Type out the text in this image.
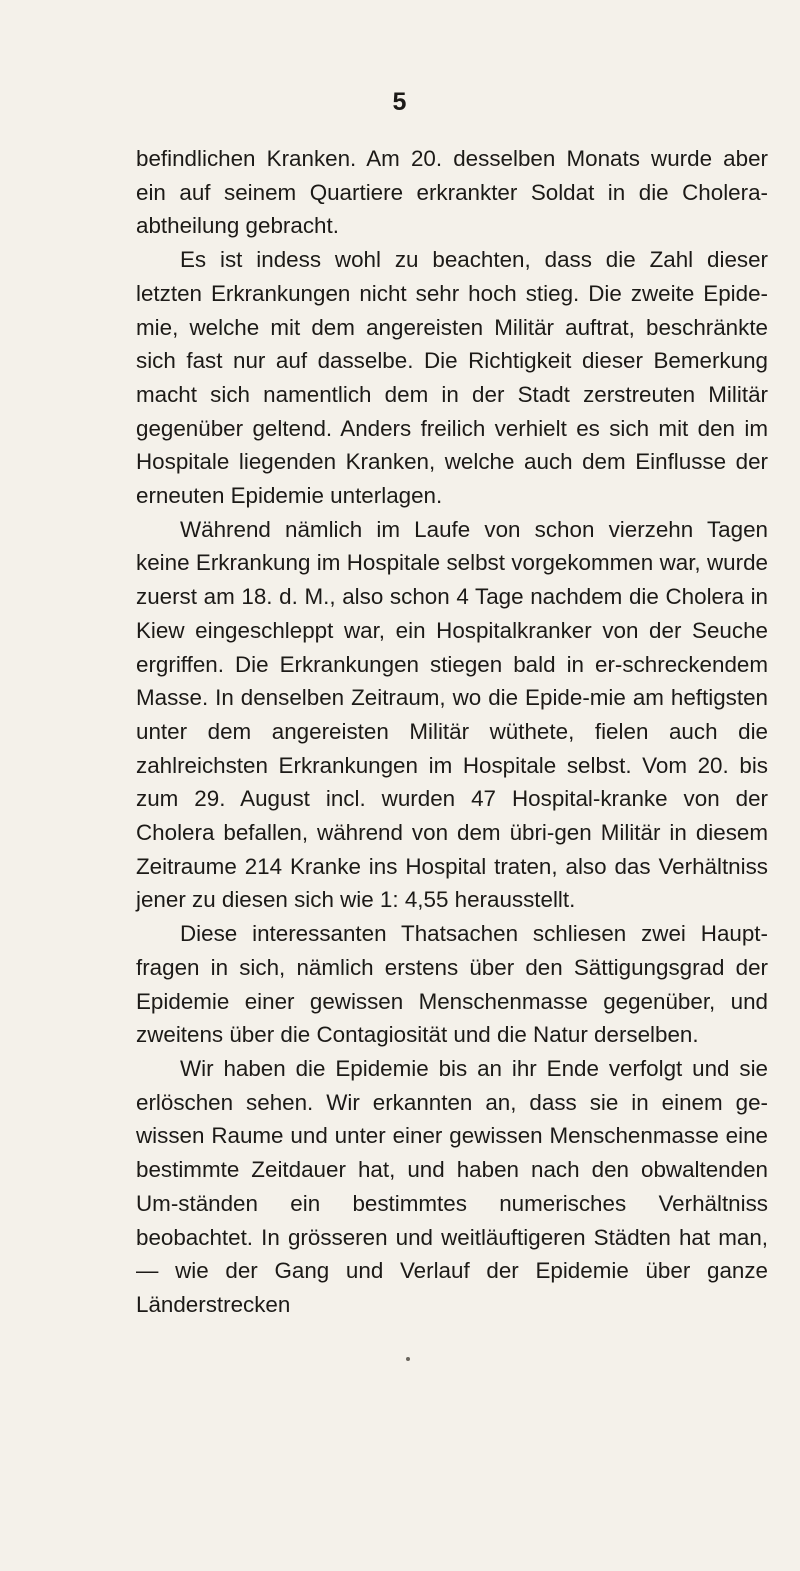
5

befindlichen Kranken. Am 20. desselben Monats wurde aber ein auf seinem Quartiere erkrankter Soldat in die Cholera-abtheilung gebracht.

Es ist indess wohl zu beachten, dass die Zahl dieser letzten Erkrankungen nicht sehr hoch stieg. Die zweite Epide-mie, welche mit dem angereisten Militär auftrat, beschränkte sich fast nur auf dasselbe. Die Richtigkeit dieser Bemerkung macht sich namentlich dem in der Stadt zerstreuten Militär gegenüber geltend. Anders freilich verhielt es sich mit den im Hospitale liegenden Kranken, welche auch dem Einflusse der erneuten Epidemie unterlagen.

Während nämlich im Laufe von schon vierzehn Tagen keine Erkrankung im Hospitale selbst vorgekommen war, wurde zuerst am 18. d. M., also schon 4 Tage nachdem die Cholera in Kiew eingeschleppt war, ein Hospitalkranker von der Seuche ergriffen. Die Erkrankungen stiegen bald in er-schreckendem Masse. In denselben Zeitraum, wo die Epide-mie am heftigsten unter dem angereisten Militär wüthete, fielen auch die zahlreichsten Erkrankungen im Hospitale selbst. Vom 20. bis zum 29. August incl. wurden 47 Hospital-kranke von der Cholera befallen, während von dem übri-gen Militär in diesem Zeitraume 214 Kranke ins Hospital traten, also das Verhältniss jener zu diesen sich wie 1: 4,55 herausstellt.

Diese interessanten Thatsachen schliesen zwei Haupt-fragen in sich, nämlich erstens über den Sättigungsgrad der Epidemie einer gewissen Menschenmasse gegenüber, und zweitens über die Contagiosität und die Natur derselben.

Wir haben die Epidemie bis an ihr Ende verfolgt und sie erlöschen sehen. Wir erkannten an, dass sie in einem ge-wissen Raume und unter einer gewissen Menschenmasse eine bestimmte Zeitdauer hat, und haben nach den obwaltenden Um-ständen ein bestimmtes numerisches Verhältniss beobachtet. In grösseren und weitläuftigeren Städten hat man, — wie der Gang und Verlauf der Epidemie über ganze Länderstrecken
